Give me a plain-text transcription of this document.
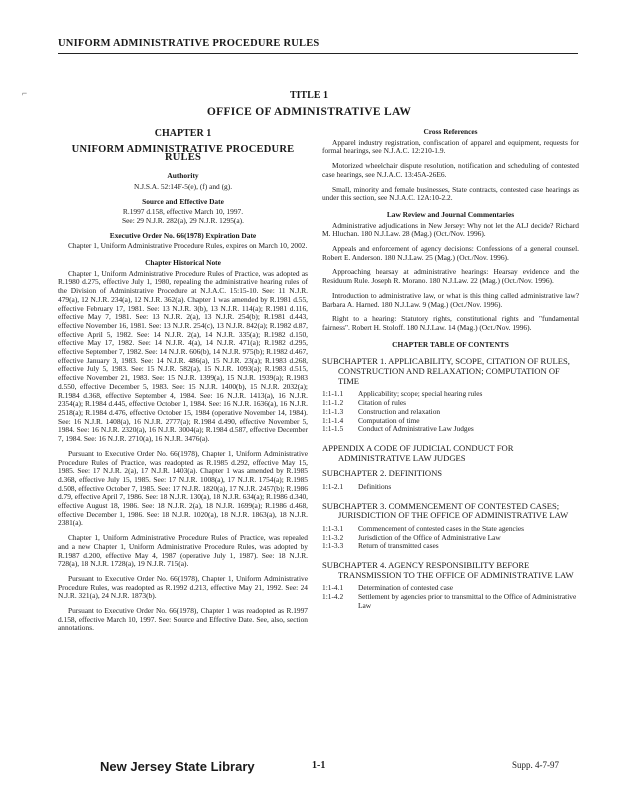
UNIFORM ADMINISTRATIVE PROCEDURE RULES
⌐	TITLE 1
OFFICE OF ADMINISTRATIVE LAW
CHAPTER 1
UNIFORM ADMINISTRATIVE PROCEDURE RULES
Authority
N.J.S.A. 52:14F-5(e), (f) and (g).
Source and Effective Date
R.1997 d.158, effective March 10, 1997.
See: 29 N.J.R. 282(a), 29 N.J.R. 1295(a).
Executive Order No. 66(1978) Expiration Date

Chapter 1, Uniform Administrative Procedure Rules, expires on March 10, 2002.

Chapter Historical Note

Chapter 1, Uniform Administrative Procedure Rules of Practice, was adopted as R.1980 d.275, effective July 1, 1980, repealing the administrative hearing rules of the Division of Administrative Procedure at N.J.A.C. 15:15-10. See: 11 N.J.R. 479(a), 12 N.J.R. 234(a), 12 N.J.R. 362(a). Chapter 1 was amended by R.1981 d.55, effective February 17, 1981. See: 13 N.J.R. 3(b), 13 N.J.R. 114(a); R.1981 d.116, effective May 7, 1981. See: 13 N.J.R. 2(a), 13 N.J.R. 254(b); R.1981 d.443, effective November 16, 1981. See: 13 N.J.R. 254(c), 13 N.J.R. 842(a); R.1982 d.87, effective April 5, 1982. See: 14 N.J.R. 2(a), 14 N.J.R. 335(a); R.1982 d.150, effective May 17, 1982. See: 14 N.J.R. 4(a), 14 N.J.R. 471(a); R.1982 d.295, effective September 7, 1982. See: 14 N.J.R. 606(b), 14 N.J.R. 975(b); R.1982 d.467, effective January 3, 1983. See: 14 N.J.R. 486(a), 15 N.J.R. 23(a); R.1983 d.268, effective July 5, 1983. See: 15 N.J.R. 582(a), 15 N.J.R. 1093(a); R.1983 d.515, effective November 21, 1983. See: 15 N.J.R. 1399(a), 15 N.J.R. 1939(a); R.1983 d.550, effective December 5, 1983. See: 15 N.J.R. 1400(b), 15 N.J.R. 2032(a); R.1984 d.368, effective September 4, 1984. See: 16 N.J.R. 1413(a), 16 N.J.R. 2354(a); R.1984 d.445, effective October 1, 1984. See: 16 N.J.R. 1636(a), 16 N.J.R. 2518(a); R.1984 d.476, effective October 15, 1984 (operative November 14, 1984). See: 16 N.J.R. 1408(a), 16 N.J.R. 2777(a); R.1984 d.490, effective November 5, 1984. See: 16 N.J.R. 2320(a), 16 N.J.R. 3004(a); R.1984 d.587, effective December 7, 1984. See: 16 N.J.R. 2710(a), 16 N.J.R. 3476(a).

Pursuant to Executive Order No. 66(1978), Chapter 1, Uniform Administrative Procedure Rules of Practice, was readopted as R.1985 d.292, effective May 15, 1985. See: 17 N.J.R. 2(a), 17 N.J.R. 1403(a). Chapter 1 was amended by R.1985 d.368, effective July 15, 1985. See: 17 N.J.R. 1008(a), 17 N.J.R. 1754(a); R.1985 d.508, effective October 7, 1985. See: 17 N.J.R. 1820(a), 17 N.J.R. 2457(b); R.1986 d.79, effective April 7, 1986. See: 18 N.J.R. 130(a), 18 N.J.R. 634(a); R.1986 d.340, effective August 18, 1986. See: 18 N.J.R. 2(a), 18 N.J.R. 1699(a); R.1986 d.468, effective December 1, 1986. See: 18 N.J.R. 1020(a), 18 N.J.R. 1863(a), 18 N.J.R. 2381(a).

Chapter 1, Uniform Administrative Procedure Rules of Practice, was repealed and a new Chapter 1, Uniform Administrative Procedure Rules, was adopted by R.1987 d.200, effective May 4, 1987 (operative July 1, 1987). See: 18 N.J.R. 728(a), 18 N.J.R. 1728(a), 19 N.J.R. 715(a).

Pursuant to Executive Order No. 66(1978), Chapter 1, Uniform Administrative Procedure Rules, was readopted as R.1992 d.213, effective May 21, 1992. See: 24 N.J.R. 321(a), 24 N.J.R. 1873(b).

Pursuant to Executive Order No. 66(1978), Chapter 1 was readopted as R.1997 d.158, effective March 10, 1997. See: Source and Effective Date. See, also, section annotations.

Cross References

Apparel industry registration, confiscation of apparel and equipment, requests for formal hearings, see N.J.A.C. 12:210-1.9.

Motorized wheelchair dispute resolution, notification and scheduling of contested case hearings, see N.J.A.C. 13:45A-26E6.

Small, minority and female businesses, State contracts, contested case hearings as under this section, see N.J.A.C. 12A:10-2.2.

Law Review and Journal Commentaries

Administrative adjudications in New Jersey: Why not let the ALJ decide? Richard M. Hluchan. 180 N.J.Law. 28 (Mag.) (Oct./Nov. 1996).

Appeals and enforcement of agency decisions: Confessions of a general counsel. Robert E. Anderson. 180 N.J.Law. 25 (Mag.) (Oct./Nov. 1996).

Approaching hearsay at administrative hearings: Hearsay evidence and the Residuum Rule. Joseph R. Morano. 180 N.J.Law. 22 (Mag.) (Oct./Nov. 1996).

Introduction to administrative law, or what is this thing called administrative law? Barbara A. Harned. 180 N.J.Law. 9 (Mag.) (Oct./Nov. 1996).

Right to a hearing: Statutory rights, constitutional rights and "fundamental fairness". Robert H. Stoloff. 180 N.J.Law. 14 (Mag.) (Oct./Nov. 1996).

CHAPTER TABLE OF CONTENTS
SUBCHAPTER 1. APPLICABILITY, SCOPE, CITATION OF RULES, CONSTRUCTION AND RELAXATION; COMPUTATION OF TIME
1:1-1.1	Applicability; scope; special hearing rules
1:1-1.2	Citation of rules
1:1-1.3	Construction and relaxation
1:1-1.4	Computation of time
1:1-1.5	Conduct of Administrative Law Judges
APPENDIX A CODE OF JUDICIAL CONDUCT FOR ADMINISTRATIVE LAW JUDGES
SUBCHAPTER 2. DEFINITIONS
1:1-2.1	Definitions
SUBCHAPTER 3. COMMENCEMENT OF CONTESTED CASES; JURISDICTION OF THE OFFICE OF ADMINISTRATIVE LAW
1:1-3.1	Commencement of contested cases in the State agencies
1:1-3.2	Jurisdiction of the Office of Administrative Law
1:1-3.3	Return of transmitted cases
SUBCHAPTER 4. AGENCY RESPONSIBILITY BEFORE TRANSMISSION TO THE OFFICE OF ADMINISTRATIVE LAW
1:1-4.1	Determination of contested case
1:1-4.2	Settlement by agencies prior to transmittal to the Office of Administrative Law
New Jersey State Library	1-1	Supp. 4-7-97
